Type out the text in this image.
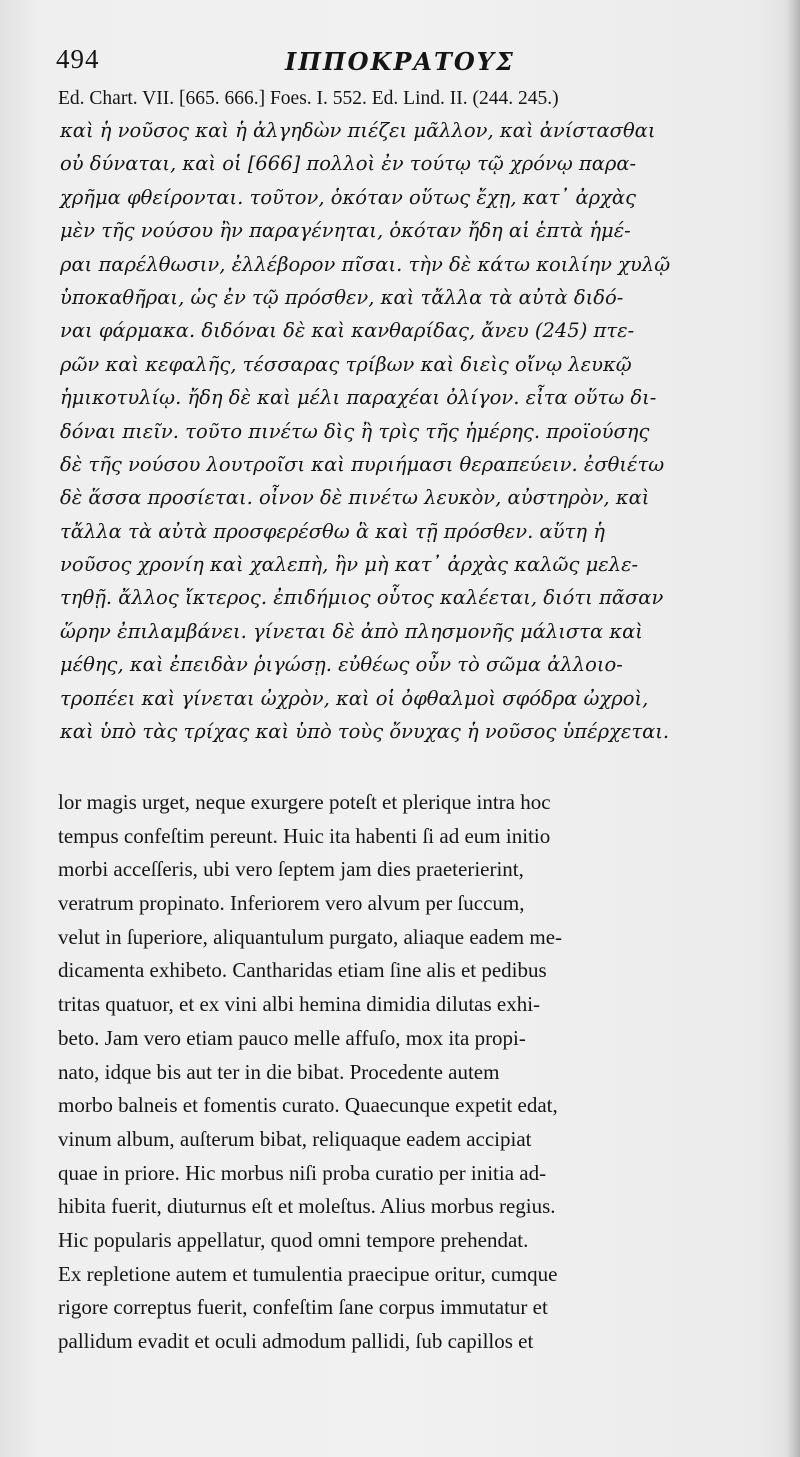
494	ΙΠΠΟΚΡΑΤΟΥΣ
Ed. Chart. VII. [665. 666.] Foes. I. 552. Ed. Lind. II. (244. 245.)
καὶ ἡ νοῦσος καὶ ἡ ἀλγηδὼν πιέζει μᾶλλον, καὶ ἀνίστασθαι
οὐ δύναται, καὶ οἱ [666] πολλοὶ ἐν τούτῳ τῷ χρόνῳ παρα-
χρῆμα φθείρονται. τοῦτον, ὁκόταν οὕτως ἔχῃ, κατ᾽ ἀρχὰς
μὲν τῆς νούσου ἢν παραγένηται, ὁκόταν ἤδη αἱ ἑπτὰ ἡμέ-
ραι παρέλθωσιν, ἐλλέβορον πῖσαι. τὴν δὲ κάτω κοιλίην χυλῷ
ὑποκαθῆραι, ὡς ἐν τῷ πρόσθεν, καὶ τἄλλα τὰ αὐτὰ διδό-
ναι φάρμακα. διδόναι δὲ καὶ κανθαρίδας, ἄνευ (245) πτε-
ρῶν καὶ κεφαλῆς, τέσσαρας τρίβων καὶ διεὶς οἴνῳ λευκῷ
ἡμικοτυλίῳ. ἤδη δὲ καὶ μέλι παραχέαι ὀλίγον. εἶτα οὕτω δι-
δόναι πιεῖν. τοῦτο πινέτω δὶς ἢ τρὶς τῆς ἡμέρης. προϊούσης
δὲ τῆς νούσου λουτροῖσι καὶ πυριήμασι θεραπεύειν. ἐσθιέτω
δὲ ἅσσα προσίεται. οἶνον δὲ πινέτω λευκὸν, αὐστηρὸν, καὶ
τἄλλα τὰ αὐτὰ προσφερέσθω ἃ καὶ τῇ πρόσθεν. αὕτη ἡ
νοῦσος χρονίη καὶ χαλεπὴ, ἢν μὴ κατ᾽ ἀρχὰς καλῶς μελε-
τηθῇ. ἄλλος ἴκτερος. ἐπιδήμιος οὗτος καλέεται, διότι πᾶσαν
ὥρην ἐπιλαμβάνει. γίνεται δὲ ἀπὸ πλησμονῆς μάλιστα καὶ
μέθης, καὶ ἐπειδὰν ῥιγώσῃ. εὐθέως οὖν τὸ σῶμα ἀλλοιο-
τροπέει καὶ γίνεται ὠχρὸν, καὶ οἱ ὀφθαλμοὶ σφόδρα ὠχροὶ,
καὶ ὑπὸ τὰς τρίχας καὶ ὑπὸ τοὺς ὄνυχας ἡ νοῦσος ὑπέρχεται.
lor magis urget, neque exurgere poteſt et plerique intra hoc
tempus confeſtim pereunt. Huic ita habenti ſi ad eum initio
morbi acceſſeris, ubi vero ſeptem jam dies praeterierint,
veratrum propinato. Inferiorem vero alvum per ſuccum,
velut in ſuperiore, aliquantulum purgato, aliaque eadem me-
dicamenta exhibeto. Cantharidas etiam ſine alis et pedibus
tritas quatuor, et ex vini albi hemina dimidia dilutas exhi-
beto. Jam vero etiam pauco melle affuſo, mox ita propi-
nato, idque bis aut ter in die bibat. Procedente autem
morbo balneis et fomentis curato. Quaecunque expetit edat,
vinum album, auſterum bibat, reliquaque eadem accipiat
quae in priore. Hic morbus niſi proba curatio per initia ad-
hibita fuerit, diuturnus eſt et moleſtus. Alius morbus regius.
Hic popularis appellatur, quod omni tempore prehendat.
Ex repletione autem et tumulentia praecipue oritur, cumque
rigore correptus fuerit, confeſtim ſane corpus immutatur et
pallidum evadit et oculi admodum pallidi, ſub capillos et
